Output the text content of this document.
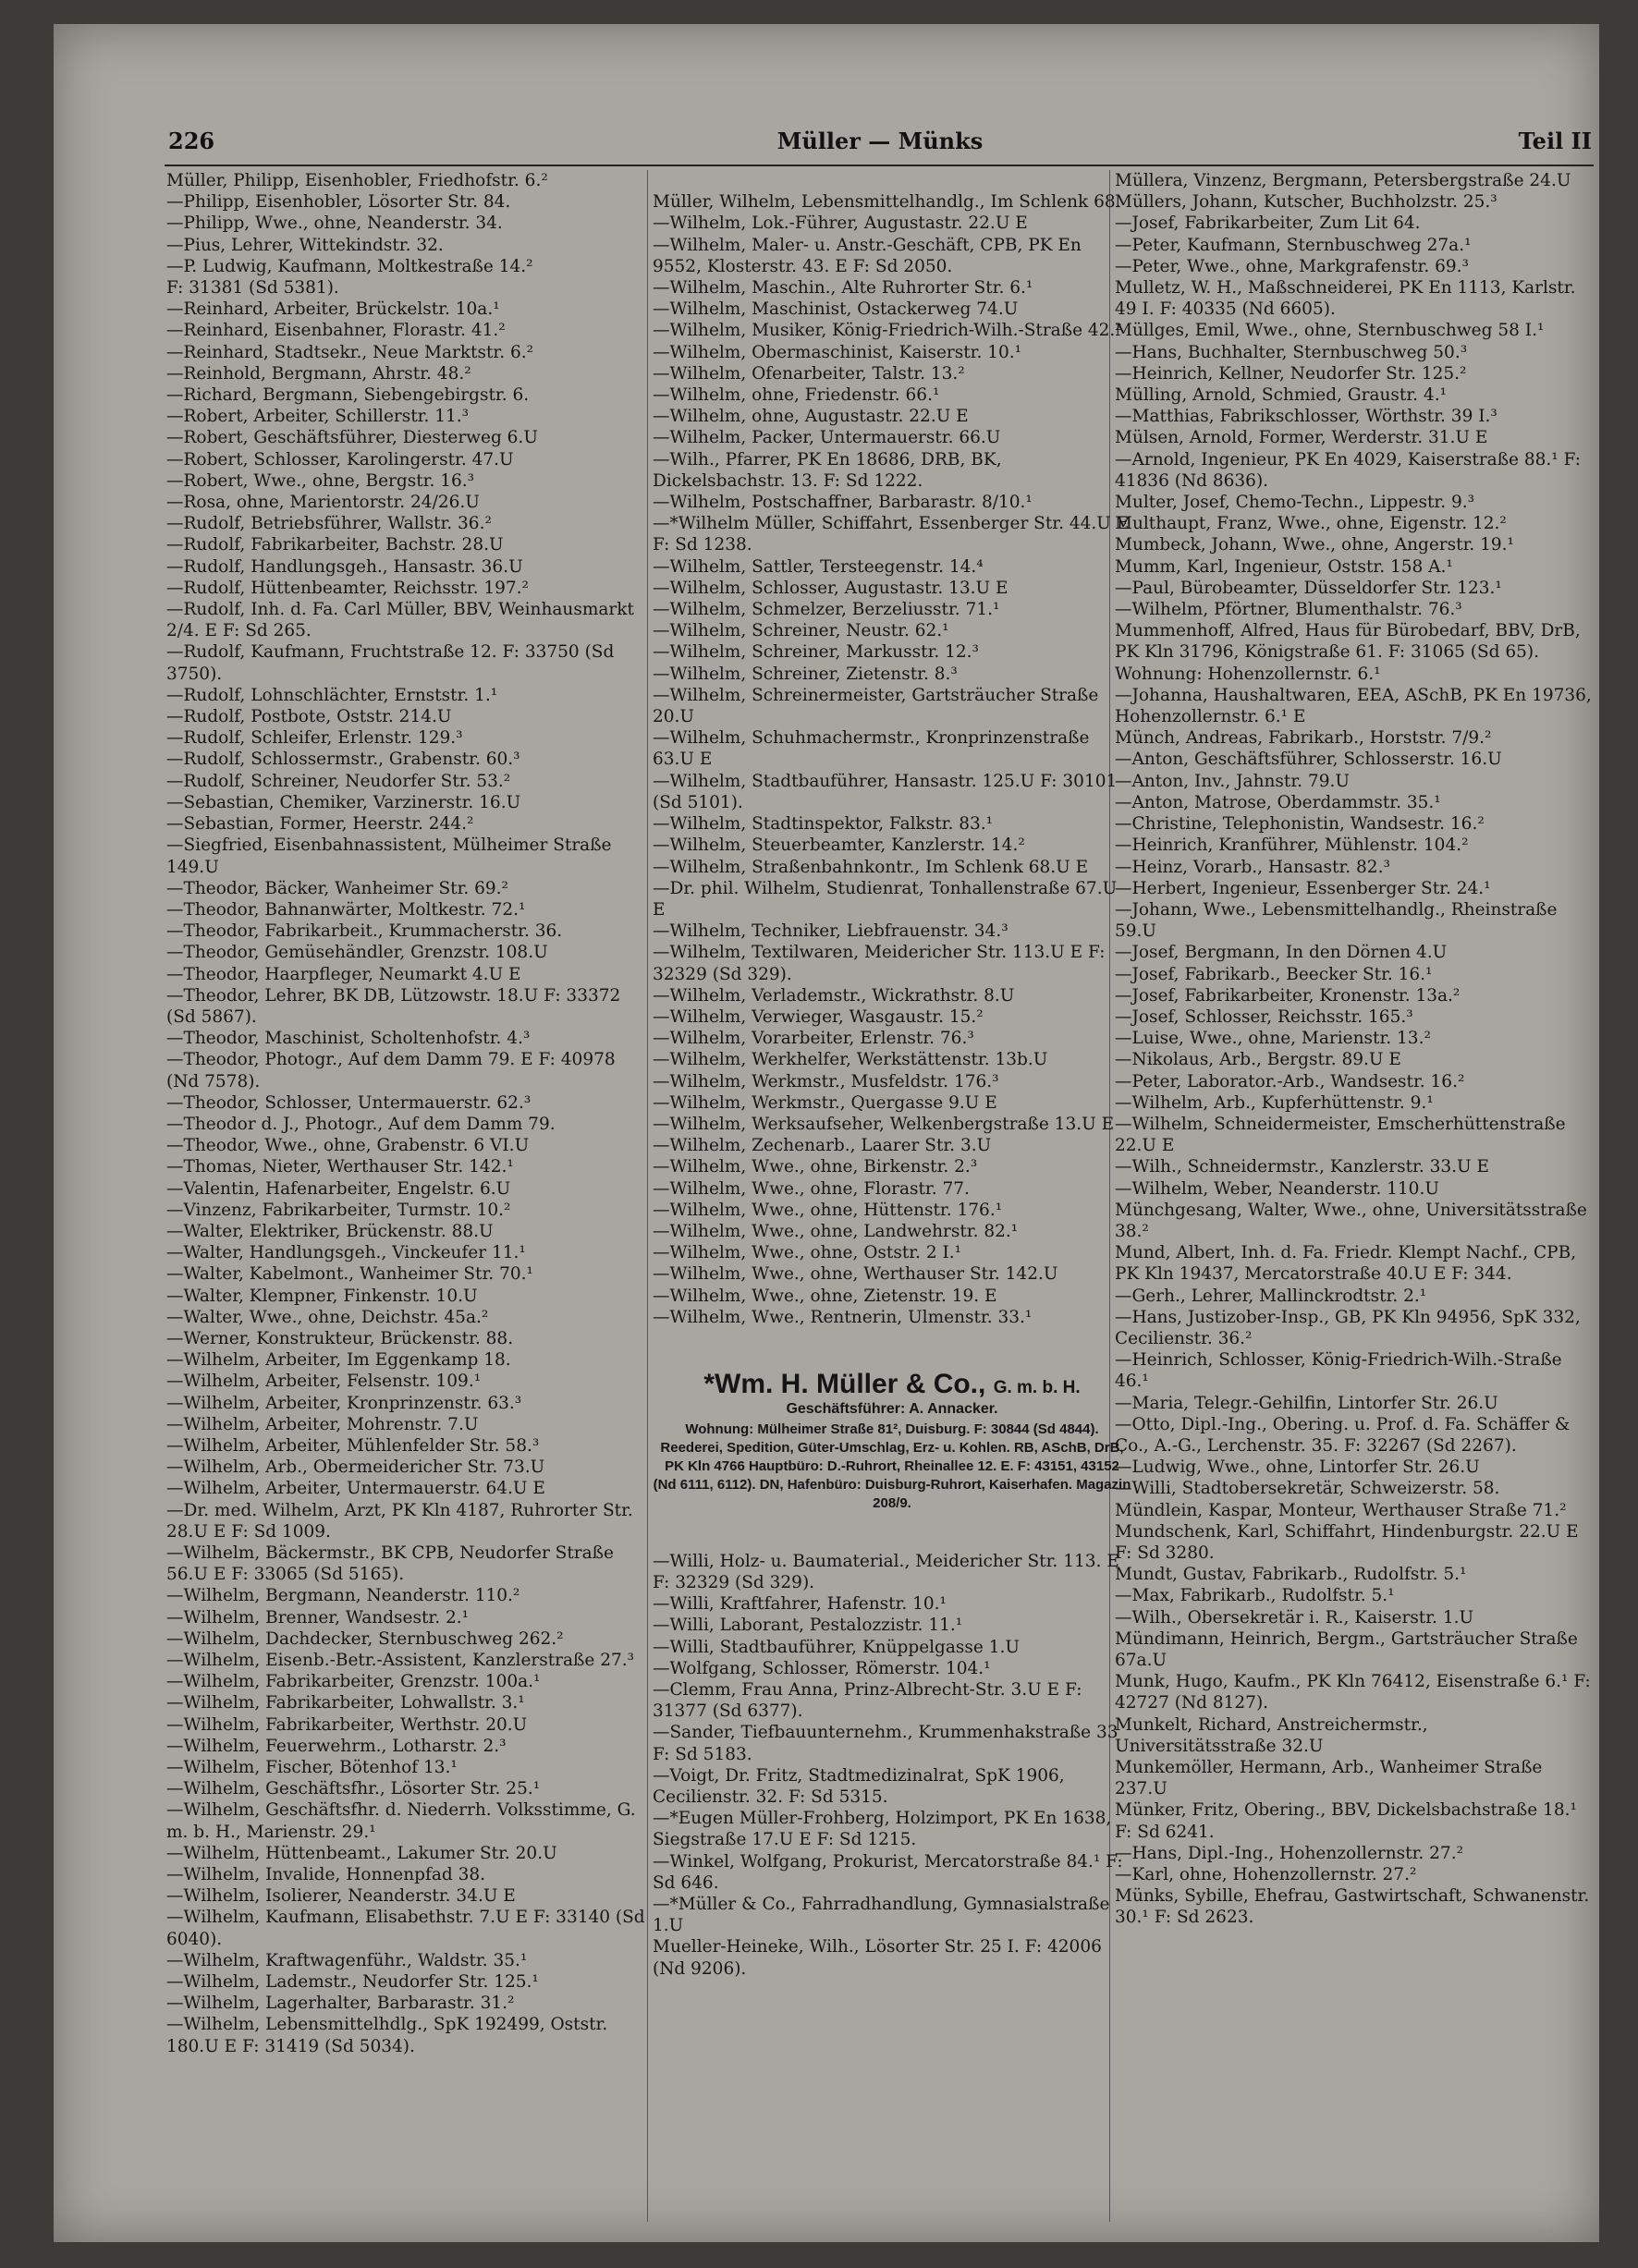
226	Müller — Münks	Teil II
Müller, Philipp, Eisenhobler, Friedhofstr. 6.²
—Philipp, Eisenhobler, Lösorter Str. 84.
—Philipp, Wwe., ohne, Neanderstr. 34.
—Pius, Lehrer, Wittekindstr. 32.
—P. Ludwig, Kaufmann, Moltkestraße 14.²
F: 31381 (Sd 5381).
—Reinhard, Arbeiter, Brückelstr. 10a.¹
—Reinhard, Eisenbahner, Florastr. 41.²
—Reinhard, Stadtsekr., Neue Marktstr. 6.²
—Reinhold, Bergmann, Ahrstr. 48.²
—Richard, Bergmann, Siebengebirgstr. 6.
—Robert, Arbeiter, Schillerstr. 11.³
—Robert, Geschäftsführer, Diesterweg 6.U
—Robert, Schlosser, Karolingerstr. 47.U
—Robert, Wwe., ohne, Bergstr. 16.³
—Rosa, ohne, Marientorstr. 24/26.U
—Rudolf, Betriebsführer, Wallstr. 36.²
—Rudolf, Fabrikarbeiter, Bachstr. 28.U
—Rudolf, Handlungsgeh., Hansastr. 36.U
—Rudolf, Hüttenbeamter, Reichsstr. 197.²
—Rudolf, Inh. d. Fa. Carl Müller, BBV, Weinhausmarkt 2/4. E F: Sd 265.
—Rudolf, Kaufmann, Fruchtstraße 12. F: 33750 (Sd 3750).
—Rudolf, Lohnschlächter, Ernststr. 1.¹
—Rudolf, Postbote, Oststr. 214.U
—Rudolf, Schleifer, Erlenstr. 129.³
—Rudolf, Schlossermstr., Grabenstr. 60.³
—Rudolf, Schreiner, Neudorfer Str. 53.²
—Sebastian, Chemiker, Varzinerstr. 16.U
—Sebastian, Former, Heerstr. 244.²
—Siegfried, Eisenbahnassistent, Mülheimer Straße 149.U
—Theodor, Bäcker, Wanheimer Str. 69.²
—Theodor, Bahnanwärter, Moltkestr. 72.¹
—Theodor, Fabrikarbeit., Krummacherstr. 36.
—Theodor, Gemüsehändler, Grenzstr. 108.U
—Theodor, Haarpfleger, Neumarkt 4.U E
—Theodor, Lehrer, BK DB, Lützowstr. 18.U F: 33372 (Sd 5867).
—Theodor, Maschinist, Scholtenhofstr. 4.³
—Theodor, Photogr., Auf dem Damm 79. E F: 40978 (Nd 7578).
—Theodor, Schlosser, Untermauerstr. 62.³
—Theodor d. J., Photogr., Auf dem Damm 79.
—Theodor, Wwe., ohne, Grabenstr. 6 VI.U
—Thomas, Nieter, Werthauser Str. 142.¹
—Valentin, Hafenarbeiter, Engelstr. 6.U
—Vinzenz, Fabrikarbeiter, Turmstr. 10.²
—Walter, Elektriker, Brückenstr. 88.U
—Walter, Handlungsgeh., Vinckeufer 11.¹
—Walter, Kabelmont., Wanheimer Str. 70.¹
—Walter, Klempner, Finkenstr. 10.U
—Walter, Wwe., ohne, Deichstr. 45a.²
—Werner, Konstrukteur, Brückenstr. 88.
—Wilhelm, Arbeiter, Im Eggenkamp 18.
—Wilhelm, Arbeiter, Felsenstr. 109.¹
—Wilhelm, Arbeiter, Kronprinzenstr. 63.³
—Wilhelm, Arbeiter, Mohrenstr. 7.U
—Wilhelm, Arbeiter, Mühlenfelder Str. 58.³
—Wilhelm, Arb., Obermeidericher Str. 73.U
—Wilhelm, Arbeiter, Untermauerstr. 64.U E
—Dr. med. Wilhelm, Arzt, PK Kln 4187, Ruhrorter Str. 28.U E F: Sd 1009.
—Wilhelm, Bäckermstr., BK CPB, Neudorfer Straße 56.U E F: 33065 (Sd 5165).
—Wilhelm, Bergmann, Neanderstr. 110.²
—Wilhelm, Brenner, Wandsestr. 2.¹
—Wilhelm, Dachdecker, Sternbuschweg 262.²
—Wilhelm, Eisenb.-Betr.-Assistent, Kanzlerstraße 27.³
—Wilhelm, Fabrikarbeiter, Grenzstr. 100a.¹
—Wilhelm, Fabrikarbeiter, Lohwallstr. 3.¹
—Wilhelm, Fabrikarbeiter, Werthstr. 20.U
—Wilhelm, Feuerwehrm., Lotharstr. 2.³
—Wilhelm, Fischer, Bötenhof 13.¹
—Wilhelm, Geschäftsfhr., Lösorter Str. 25.¹
—Wilhelm, Geschäftsfhr. d. Niederrh. Volksstimme, G. m. b. H., Marienstr. 29.¹
—Wilhelm, Hüttenbeamt., Lakumer Str. 20.U
—Wilhelm, Invalide, Honnenpfad 38.
—Wilhelm, Isolierer, Neanderstr. 34.U E
—Wilhelm, Kaufmann, Elisabethstr. 7.U E F: 33140 (Sd 6040).
—Wilhelm, Kraftwagenführ., Waldstr. 35.¹
—Wilhelm, Lademstr., Neudorfer Str. 125.¹
—Wilhelm, Lagerhalter, Barbarastr. 31.²
—Wilhelm, Lebensmittelhdlg., SpK 192499, Oststr. 180.U E F: 31419 (Sd 5034).

Müller, Wilhelm, Lebensmittelhandlg., Im Schlenk 68.
—Wilhelm, Lok.-Führer, Augustastr. 22.U E
—Wilhelm, Maler- u. Anstr.-Geschäft, CPB, PK En 9552, Klosterstr. 43. E F: Sd 2050.
—Wilhelm, Maschin., Alte Ruhrorter Str. 6.¹
—Wilhelm, Maschinist, Ostackerweg 74.U
—Wilhelm, Musiker, König-Friedrich-Wilh.-Straße 42.²
—Wilhelm, Obermaschinist, Kaiserstr. 10.¹
—Wilhelm, Ofenarbeiter, Talstr. 13.²
—Wilhelm, ohne, Friedenstr. 66.¹
—Wilhelm, ohne, Augustastr. 22.U E
—Wilhelm, Packer, Untermauerstr. 66.U
—Wilh., Pfarrer, PK En 18686, DRB, BK, Dickelsbachstr. 13. F: Sd 1222.
—Wilhelm, Postschaffner, Barbarastr. 8/10.¹
—*Wilhelm Müller, Schiffahrt, Essenberger Str. 44.U E F: Sd 1238.
—Wilhelm, Sattler, Tersteegenstr. 14.⁴
—Wilhelm, Schlosser, Augustastr. 13.U E
—Wilhelm, Schmelzer, Berzeliusstr. 71.¹
—Wilhelm, Schreiner, Neustr. 62.¹
—Wilhelm, Schreiner, Markusstr. 12.³
—Wilhelm, Schreiner, Zietenstr. 8.³
—Wilhelm, Schreinermeister, Gartsträucher Straße 20.U
—Wilhelm, Schuhmachermstr., Kronprinzenstraße 63.U E
—Wilhelm, Stadtbauführer, Hansastr. 125.U F: 30101 (Sd 5101).
—Wilhelm, Stadtinspektor, Falkstr. 83.¹
—Wilhelm, Steuerbeamter, Kanzlerstr. 14.²
—Wilhelm, Straßenbahnkontr., Im Schlenk 68.U E
—Dr. phil. Wilhelm, Studienrat, Tonhallenstraße 67.U E
—Wilhelm, Techniker, Liebfrauenstr. 34.³
—Wilhelm, Textilwaren, Meidericher Str. 113.U E F: 32329 (Sd 329).
—Wilhelm, Verlademstr., Wickrathstr. 8.U
—Wilhelm, Verwieger, Wasgaustr. 15.²
—Wilhelm, Vorarbeiter, Erlenstr. 76.³
—Wilhelm, Werkhelfer, Werkstättenstr. 13b.U
—Wilhelm, Werkmstr., Musfeldstr. 176.³
—Wilhelm, Werkmstr., Quergasse 9.U E
—Wilhelm, Werksaufseher, Welkenbergstraße 13.U E
—Wilhelm, Zechenarb., Laarer Str. 3.U
—Wilhelm, Wwe., ohne, Birkenstr. 2.³
—Wilhelm, Wwe., ohne, Florastr. 77.
—Wilhelm, Wwe., ohne, Hüttenstr. 176.¹
—Wilhelm, Wwe., ohne, Landwehrstr. 82.¹
—Wilhelm, Wwe., ohne, Oststr. 2 I.¹
—Wilhelm, Wwe., ohne, Werthauser Str. 142.U
—Wilhelm, Wwe., ohne, Zietenstr. 19. E
—Wilhelm, Wwe., Rentnerin, Ulmenstr. 33.¹

*Wm. H. Müller & Co., G. m. b. H.
Geschäftsführer: A. Annacker.
Wohnung: Mülheimer Straße 81², Duisburg. F: 30844 (Sd 4844). Reederei, Spedition, Güter-Umschlag, Erz- u. Kohlen. RB, ASchB, DrB, PK Kln 4766 Hauptbüro: D.-Ruhrort, Rheinallee 12. E. F: 43151, 43152 (Nd 6111, 6112). DN, Hafenbüro: Duisburg-Ruhrort, Kaiserhafen. Magazin 208/9.

—Willi, Holz- u. Baumaterial., Meidericher Str. 113. E F: 32329 (Sd 329).
—Willi, Kraftfahrer, Hafenstr. 10.¹
—Willi, Laborant, Pestalozzistr. 11.¹
—Willi, Stadtbauführer, Knüppelgasse 1.U
—Wolfgang, Schlosser, Römerstr. 104.¹
—Clemm, Frau Anna, Prinz-Albrecht-Str. 3.U E F: 31377 (Sd 6377).
—Sander, Tiefbauunternehm., Krummenhakstraße 33 F: Sd 5183.
—Voigt, Dr. Fritz, Stadtmedizinalrat, SpK 1906, Cecilienstr. 32. F: Sd 5315.
—*Eugen Müller-Frohberg, Holzimport, PK En 1638, Siegstraße 17.U E F: Sd 1215.
—Winkel, Wolfgang, Prokurist, Mercatorstraße 84.¹ F: Sd 646.
—*Müller & Co., Fahrradhandlung, Gymnasialstraße 1.U
Mueller-Heineke, Wilh., Lösorter Str. 25 I. F: 42006 (Nd 9206).

Müllera, Vinzenz, Bergmann, Petersbergstraße 24.U
Müllers, Johann, Kutscher, Buchholzstr. 25.³
—Josef, Fabrikarbeiter, Zum Lit 64.
—Peter, Kaufmann, Sternbuschweg 27a.¹
—Peter, Wwe., ohne, Markgrafenstr. 69.³
Mulletz, W. H., Maßschneiderei, PK En 1113, Karlstr. 49 I. F: 40335 (Nd 6605).
Müllges, Emil, Wwe., ohne, Sternbuschweg 58 I.¹
—Hans, Buchhalter, Sternbuschweg 50.³
—Heinrich, Kellner, Neudorfer Str. 125.²
Mülling, Arnold, Schmied, Graustr. 4.¹
—Matthias, Fabrikschlosser, Wörthstr. 39 I.³
Mülsen, Arnold, Former, Werderstr. 31.U E
—Arnold, Ingenieur, PK En 4029, Kaiserstraße 88.¹ F: 41836 (Nd 8636).
Multer, Josef, Chemo-Techn., Lippestr. 9.³
Multhaupt, Franz, Wwe., ohne, Eigenstr. 12.²
Mumbeck, Johann, Wwe., ohne, Angerstr. 19.¹
Mumm, Karl, Ingenieur, Oststr. 158 A.¹
—Paul, Bürobeamter, Düsseldorfer Str. 123.¹
—Wilhelm, Pförtner, Blumenthalstr. 76.³
Mummenhoff, Alfred, Haus für Bürobedarf, BBV, DrB, PK Kln 31796, Königstraße 61. F: 31065 (Sd 65). Wohnung: Hohenzollernstr. 6.¹
—Johanna, Haushaltwaren, EEA, ASchB, PK En 19736, Hohenzollernstr. 6.¹ E
Münch, Andreas, Fabrikarb., Horststr. 7/9.²
—Anton, Geschäftsführer, Schlosserstr. 16.U
—Anton, Inv., Jahnstr. 79.U
—Anton, Matrose, Oberdammstr. 35.¹
—Christine, Telephonistin, Wandsestr. 16.²
—Heinrich, Kranführer, Mühlenstr. 104.²
—Heinz, Vorarb., Hansastr. 82.³
—Herbert, Ingenieur, Essenberger Str. 24.¹
—Johann, Wwe., Lebensmittelhandlg., Rheinstraße 59.U
—Josef, Bergmann, In den Dörnen 4.U
—Josef, Fabrikarb., Beecker Str. 16.¹
—Josef, Fabrikarbeiter, Kronenstr. 13a.²
—Josef, Schlosser, Reichsstr. 165.³
—Luise, Wwe., ohne, Marienstr. 13.²
—Nikolaus, Arb., Bergstr. 89.U E
—Peter, Laborator.-Arb., Wandsestr. 16.²
—Wilhelm, Arb., Kupferhüttenstr. 9.¹
—Wilhelm, Schneidermeister, Emscherhüttenstraße 22.U E
—Wilh., Schneidermstr., Kanzlerstr. 33.U E
—Wilhelm, Weber, Neanderstr. 110.U
Münchgesang, Walter, Wwe., ohne, Universitätsstraße 38.²
Mund, Albert, Inh. d. Fa. Friedr. Klempt Nachf., CPB, PK Kln 19437, Mercatorstraße 40.U E F: 344.
—Gerh., Lehrer, Mallinckrodtstr. 2.¹
—Hans, Justizober-Insp., GB, PK Kln 94956, SpK 332, Cecilienstr. 36.²
—Heinrich, Schlosser, König-Friedrich-Wilh.-Straße 46.¹
—Maria, Telegr.-Gehilfin, Lintorfer Str. 26.U
—Otto, Dipl.-Ing., Obering. u. Prof. d. Fa. Schäffer & Co., A.-G., Lerchenstr. 35. F: 32267 (Sd 2267).
—Ludwig, Wwe., ohne, Lintorfer Str. 26.U
—Willi, Stadtobersekretär, Schweizerstr. 58.
Mündlein, Kaspar, Monteur, Werthauser Straße 71.²
Mundschenk, Karl, Schiffahrt, Hindenburgstr. 22.U E F: Sd 3280.
Mundt, Gustav, Fabrikarb., Rudolfstr. 5.¹
—Max, Fabrikarb., Rudolfstr. 5.¹
—Wilh., Obersekretär i. R., Kaiserstr. 1.U
Mündimann, Heinrich, Bergm., Gartsträucher Straße 67a.U
Munk, Hugo, Kaufm., PK Kln 76412, Eisenstraße 6.¹ F: 42727 (Nd 8127).
Munkelt, Richard, Anstreichermstr., Universitätsstraße 32.U
Munkemöller, Hermann, Arb., Wanheimer Straße 237.U
Münker, Fritz, Obering., BBV, Dickelsbachstraße 18.¹ F: Sd 6241.
—Hans, Dipl.-Ing., Hohenzollernstr. 27.²
—Karl, ohne, Hohenzollernstr. 27.²
Münks, Sybille, Ehefrau, Gastwirtschaft, Schwanenstr. 30.¹ F: Sd 2623.
